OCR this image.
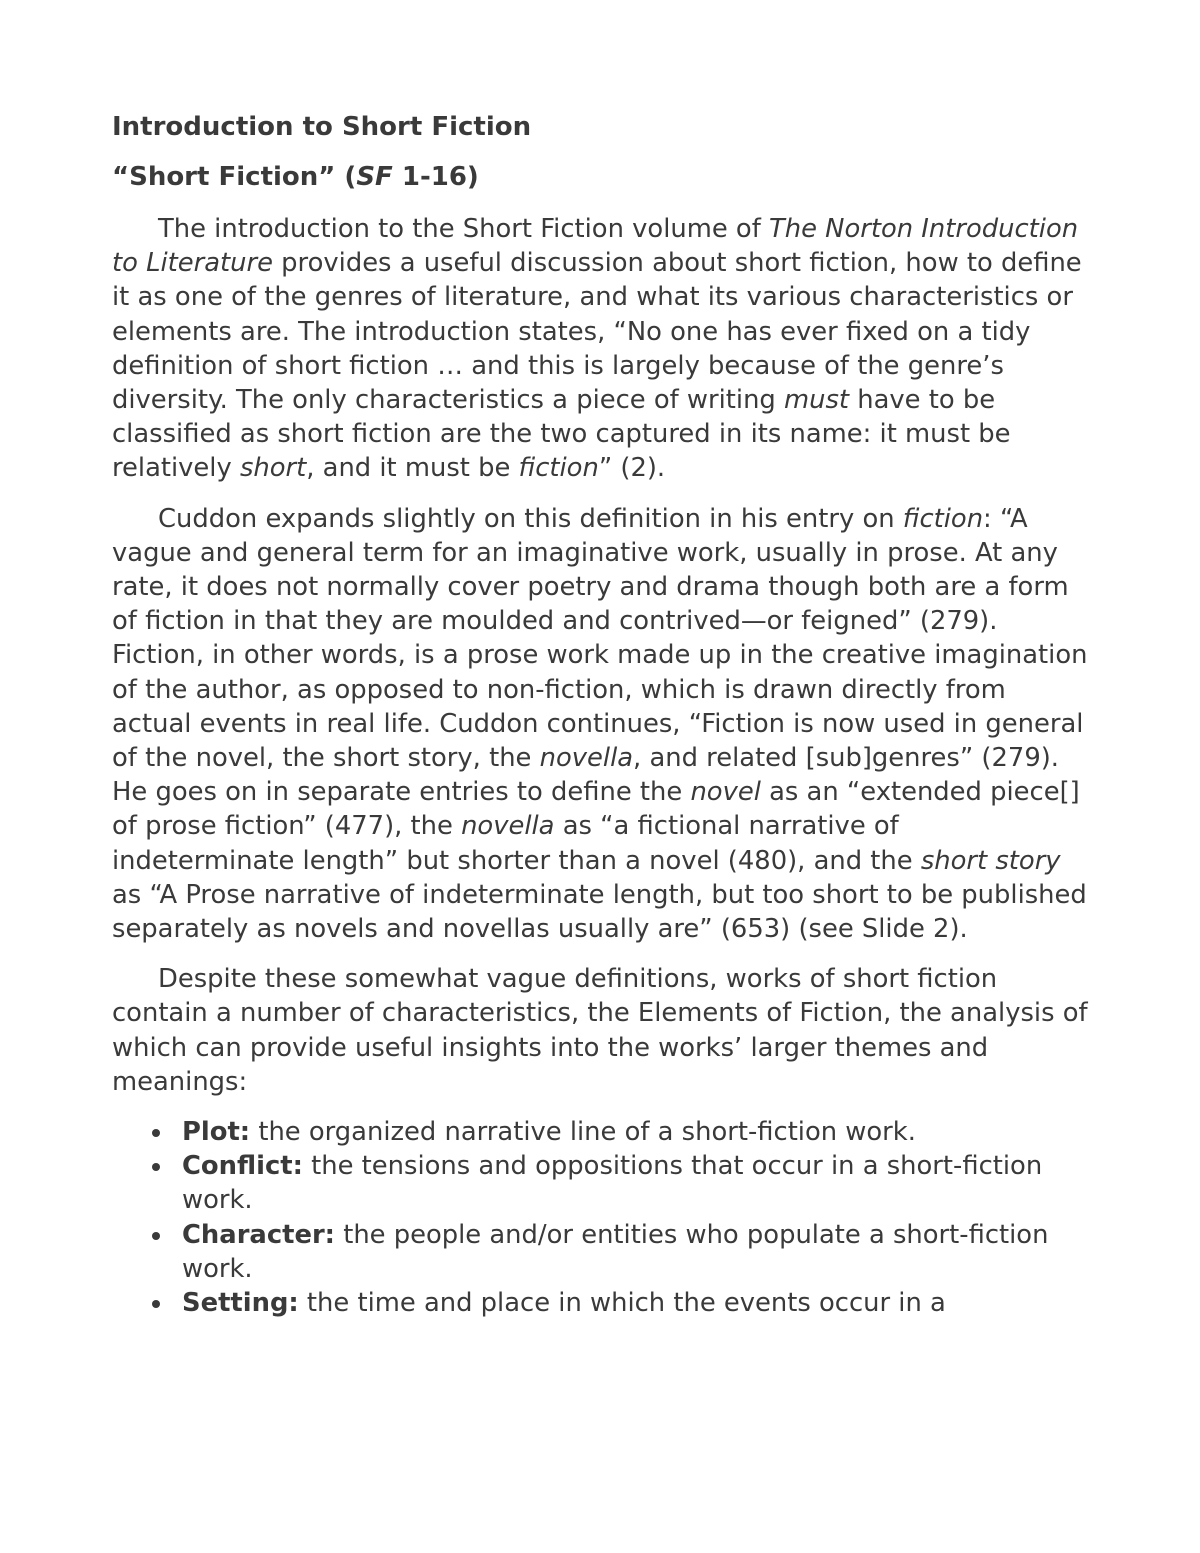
Introduction to Short Fiction
“Short Fiction” (SF 1-16)

The introduction to the Short Fiction volume of The Norton Introduction to Literature provides a useful discussion about short fiction, how to define it as one of the genres of literature, and what its various characteristics or elements are. The introduction states, “No one has ever fixed on a tidy definition of short fiction … and this is largely because of the genre’s diversity. The only characteristics a piece of writing must have to be classified as short fiction are the two captured in its name: it must be relatively short, and it must be fiction” (2).

Cuddon expands slightly on this definition in his entry on fiction: “A vague and general term for an imaginative work, usually in prose. At any rate, it does not normally cover poetry and drama though both are a form of fiction in that they are moulded and contrived—or feigned” (279). Fiction, in other words, is a prose work made up in the creative imagination of the author, as opposed to non-fiction, which is drawn directly from actual events in real life. Cuddon continues, “Fiction is now used in general of the novel, the short story, the novella, and related [sub]genres” (279). He goes on in separate entries to define the novel as an “extended piece[] of prose fiction” (477), the novella as “a fictional narrative of indeterminate length” but shorter than a novel (480), and the short story as “A Prose narrative of indeterminate length, but too short to be published separately as novels and novellas usually are” (653) (see Slide 2).

Despite these somewhat vague definitions, works of short fiction contain a number of characteristics, the Elements of Fiction, the analysis of which can provide useful insights into the works’ larger themes and meanings:

Plot: the organized narrative line of a short-fiction work.
Conflict: the tensions and oppositions that occur in a short-fiction work.
Character: the people and/or entities who populate a short-fiction work.
Setting: the time and place in which the events occur in a
